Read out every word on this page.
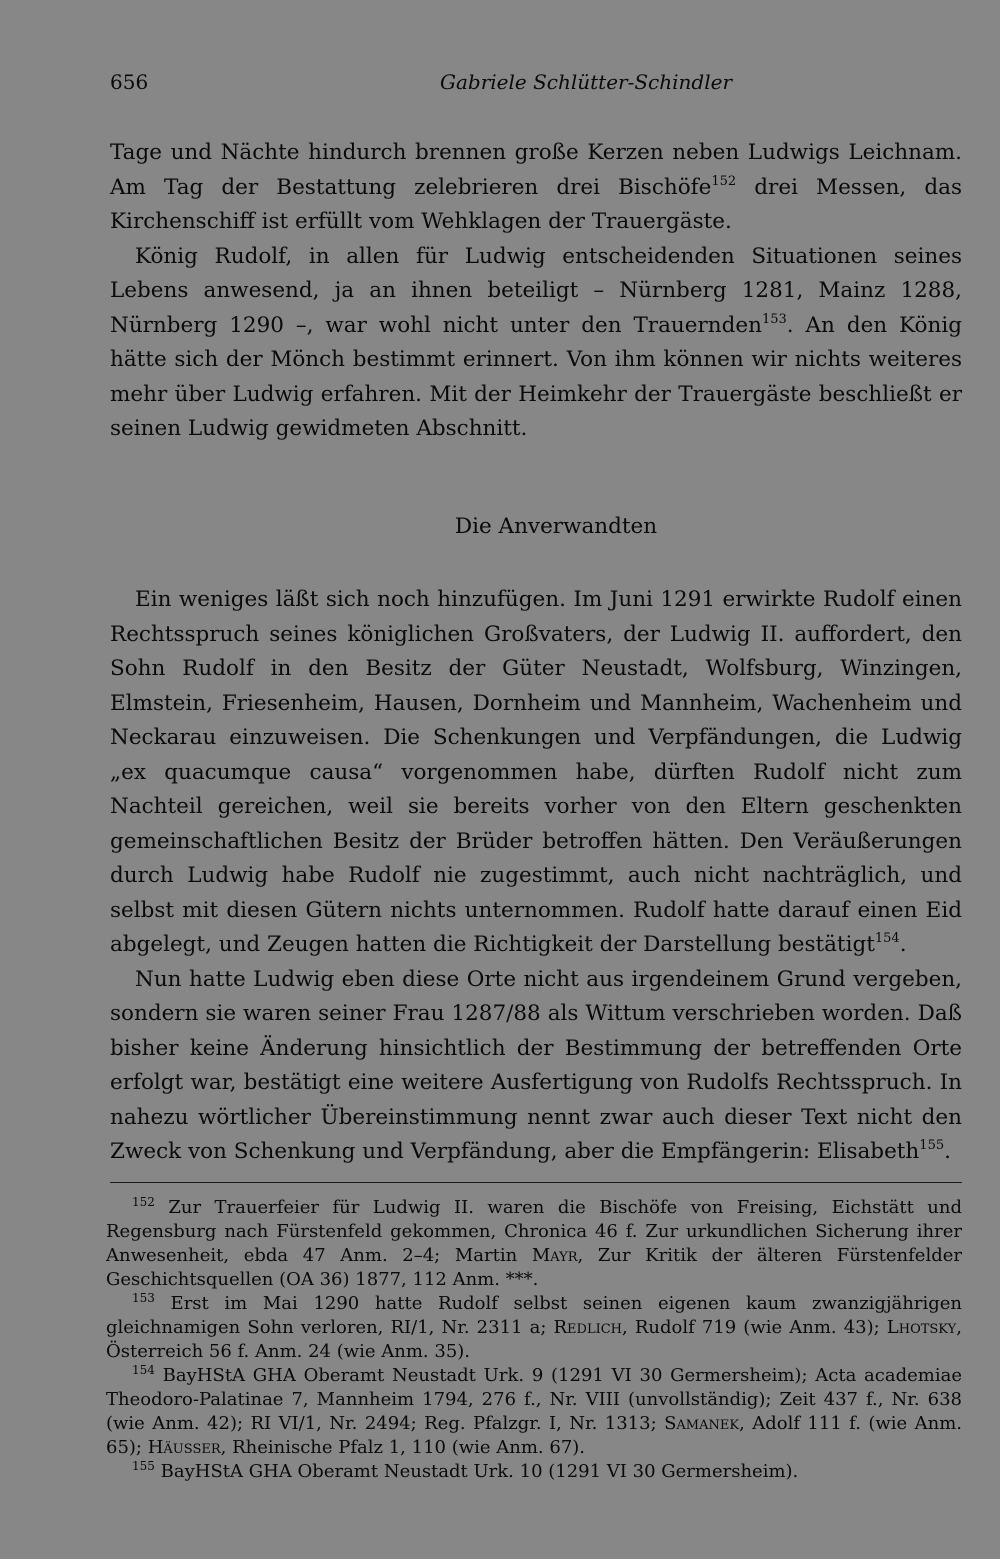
656	Gabriele Schlütter-Schindler

Tage und Nächte hindurch brennen große Kerzen neben Ludwigs Leichnam. Am Tag der Bestattung zelebrieren drei Bischöfe$^{152}$ drei Messen, das Kirchenschiff ist erfüllt vom Wehklagen der Trauergäste.

König Rudolf, in allen für Ludwig entscheidenden Situationen seines Lebens anwesend, ja an ihnen beteiligt – Nürnberg 1281, Mainz 1288, Nürnberg 1290 –, war wohl nicht unter den Trauernden$^{153}$. An den König hätte sich der Mönch bestimmt erinnert. Von ihm können wir nichts weiteres mehr über Ludwig erfahren. Mit der Heimkehr der Trauergäste beschließt er seinen Ludwig gewidmeten Abschnitt.

Die Anverwandten

Ein weniges läßt sich noch hinzufügen. Im Juni 1291 erwirkte Rudolf einen Rechtsspruch seines königlichen Großvaters, der Ludwig II. auffordert, den Sohn Rudolf in den Besitz der Güter Neustadt, Wolfsburg, Winzingen, Elmstein, Friesenheim, Hausen, Dornheim und Mannheim, Wachenheim und Neckarau einzuweisen. Die Schenkungen und Verpfändungen, die Ludwig „ex quacumque causa“ vorgenommen habe, dürften Rudolf nicht zum Nachteil gereichen, weil sie bereits vorher von den Eltern geschenkten gemeinschaftlichen Besitz der Brüder betroffen hätten. Den Veräußerungen durch Ludwig habe Rudolf nie zugestimmt, auch nicht nachträglich, und selbst mit diesen Gütern nichts unternommen. Rudolf hatte darauf einen Eid abgelegt, und Zeugen hatten die Richtigkeit der Darstellung bestätigt$^{154}$.

Nun hatte Ludwig eben diese Orte nicht aus irgendeinem Grund vergeben, sondern sie waren seiner Frau 1287/88 als Wittum verschrieben worden. Daß bisher keine Änderung hinsichtlich der Bestimmung der betreffenden Orte erfolgt war, bestätigt eine weitere Ausfertigung von Rudolfs Rechtsspruch. In nahezu wörtlicher Übereinstimmung nennt zwar auch dieser Text nicht den Zweck von Schenkung und Verpfändung, aber die Empfängerin: Elisabeth$^{155}$.

$^{152}$ Zur Trauerfeier für Ludwig II. waren die Bischöfe von Freising, Eichstätt und Regensburg nach Fürstenfeld gekommen, Chronica 46 f. Zur urkundlichen Sicherung ihrer Anwesenheit, ebda 47 Anm. 2–4; Martin Mayr, Zur Kritik der älteren Fürstenfelder Geschichtsquellen (OA 36) 1877, 112 Anm. ***.

$^{153}$ Erst im Mai 1290 hatte Rudolf selbst seinen eigenen kaum zwanzigjährigen gleichnamigen Sohn verloren, RI/1, Nr. 2311 a; Redlich, Rudolf 719 (wie Anm. 43); Lhotsky, Österreich 56 f. Anm. 24 (wie Anm. 35).

$^{154}$ BayHStA GHA Oberamt Neustadt Urk. 9 (1291 VI 30 Germersheim); Acta academiae Theodoro-Palatinae 7, Mannheim 1794, 276 f., Nr. VIII (unvollständig); Zeit 437 f., Nr. 638 (wie Anm. 42); RI VI/1, Nr. 2494; Reg. Pfalzgr. I, Nr. 1313; Samanek, Adolf 111 f. (wie Anm. 65); Häusser, Rheinische Pfalz 1, 110 (wie Anm. 67).

$^{155}$ BayHStA GHA Oberamt Neustadt Urk. 10 (1291 VI 30 Germersheim).
